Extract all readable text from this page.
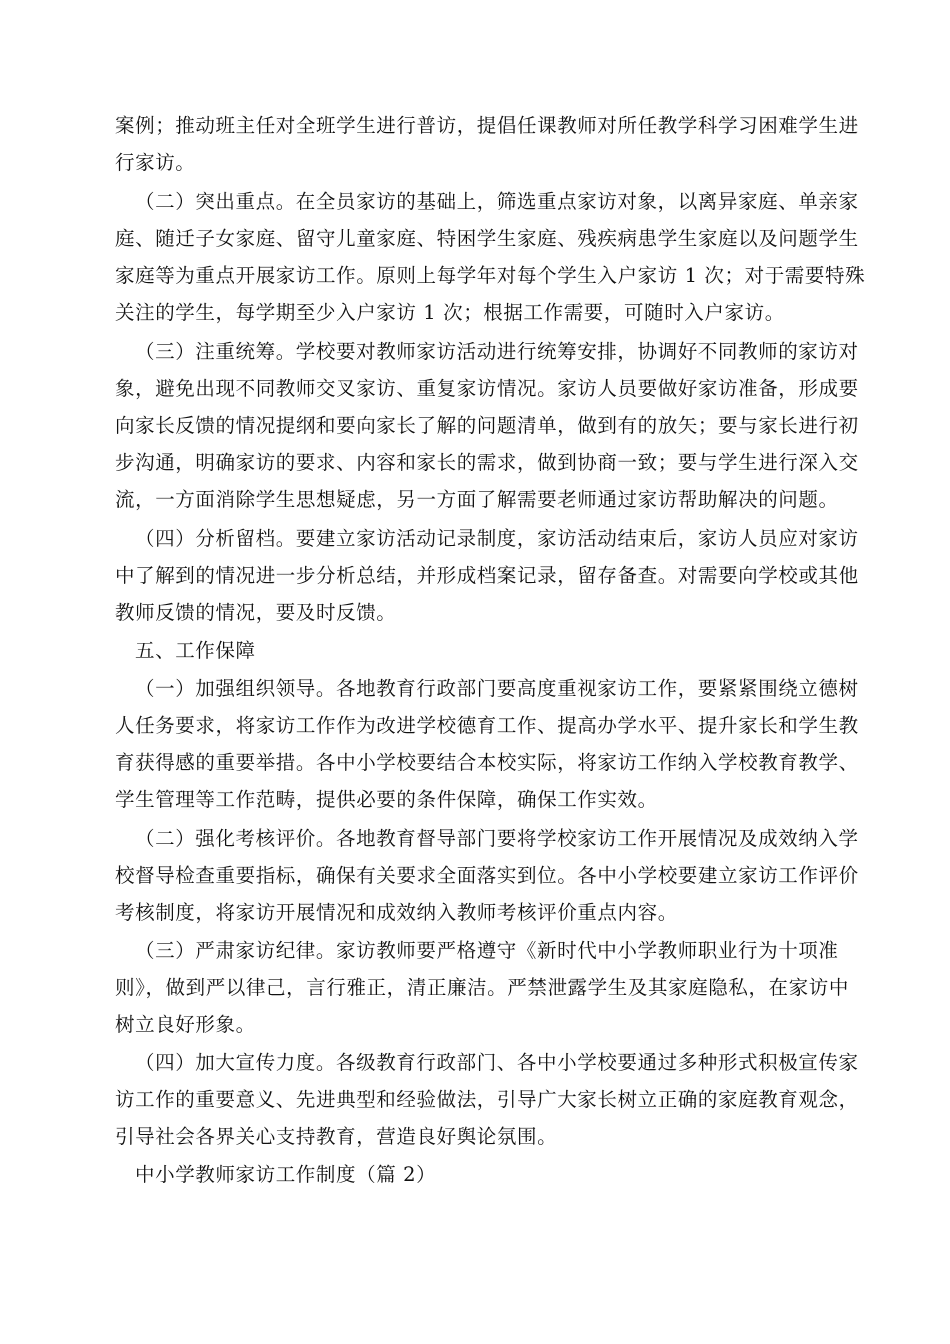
案例；推动班主任对全班学生进行普访，提倡任课教师对所任教学科学习困难学生进
行家访。
（二）突出重点。在全员家访的基础上，筛选重点家访对象，以离异家庭、单亲家
庭、随迁子女家庭、留守儿童家庭、特困学生家庭、残疾病患学生家庭以及问题学生
家庭等为重点开展家访工作。原则上每学年对每个学生入户家访 1 次；对于需要特殊
关注的学生，每学期至少入户家访 1 次；根据工作需要，可随时入户家访。
（三）注重统筹。学校要对教师家访活动进行统筹安排，协调好不同教师的家访对
象，避免出现不同教师交叉家访、重复家访情况。家访人员要做好家访准备，形成要
向家长反馈的情况提纲和要向家长了解的问题清单，做到有的放矢；要与家长进行初
步沟通，明确家访的要求、内容和家长的需求，做到协商一致；要与学生进行深入交
流，一方面消除学生思想疑虑，另一方面了解需要老师通过家访帮助解决的问题。
（四）分析留档。要建立家访活动记录制度，家访活动结束后，家访人员应对家访
中了解到的情况进一步分析总结，并形成档案记录，留存备查。对需要向学校或其他
教师反馈的情况，要及时反馈。
五、工作保障
（一）加强组织领导。各地教育行政部门要高度重视家访工作，要紧紧围绕立德树
人任务要求，将家访工作作为改进学校德育工作、提高办学水平、提升家长和学生教
育获得感的重要举措。各中小学校要结合本校实际，将家访工作纳入学校教育教学、
学生管理等工作范畴，提供必要的条件保障，确保工作实效。
（二）强化考核评价。各地教育督导部门要将学校家访工作开展情况及成效纳入学
校督导检查重要指标，确保有关要求全面落实到位。各中小学校要建立家访工作评价
考核制度，将家访开展情况和成效纳入教师考核评价重点内容。
（三）严肃家访纪律。家访教师要严格遵守《新时代中小学教师职业行为十项准
则》，做到严以律己，言行雅正，清正廉洁。严禁泄露学生及其家庭隐私，在家访中
树立良好形象。
（四）加大宣传力度。各级教育行政部门、各中小学校要通过多种形式积极宣传家
访工作的重要意义、先进典型和经验做法，引导广大家长树立正确的家庭教育观念，
引导社会各界关心支持教育，营造良好舆论氛围。
中小学教师家访工作制度（篇 2）
